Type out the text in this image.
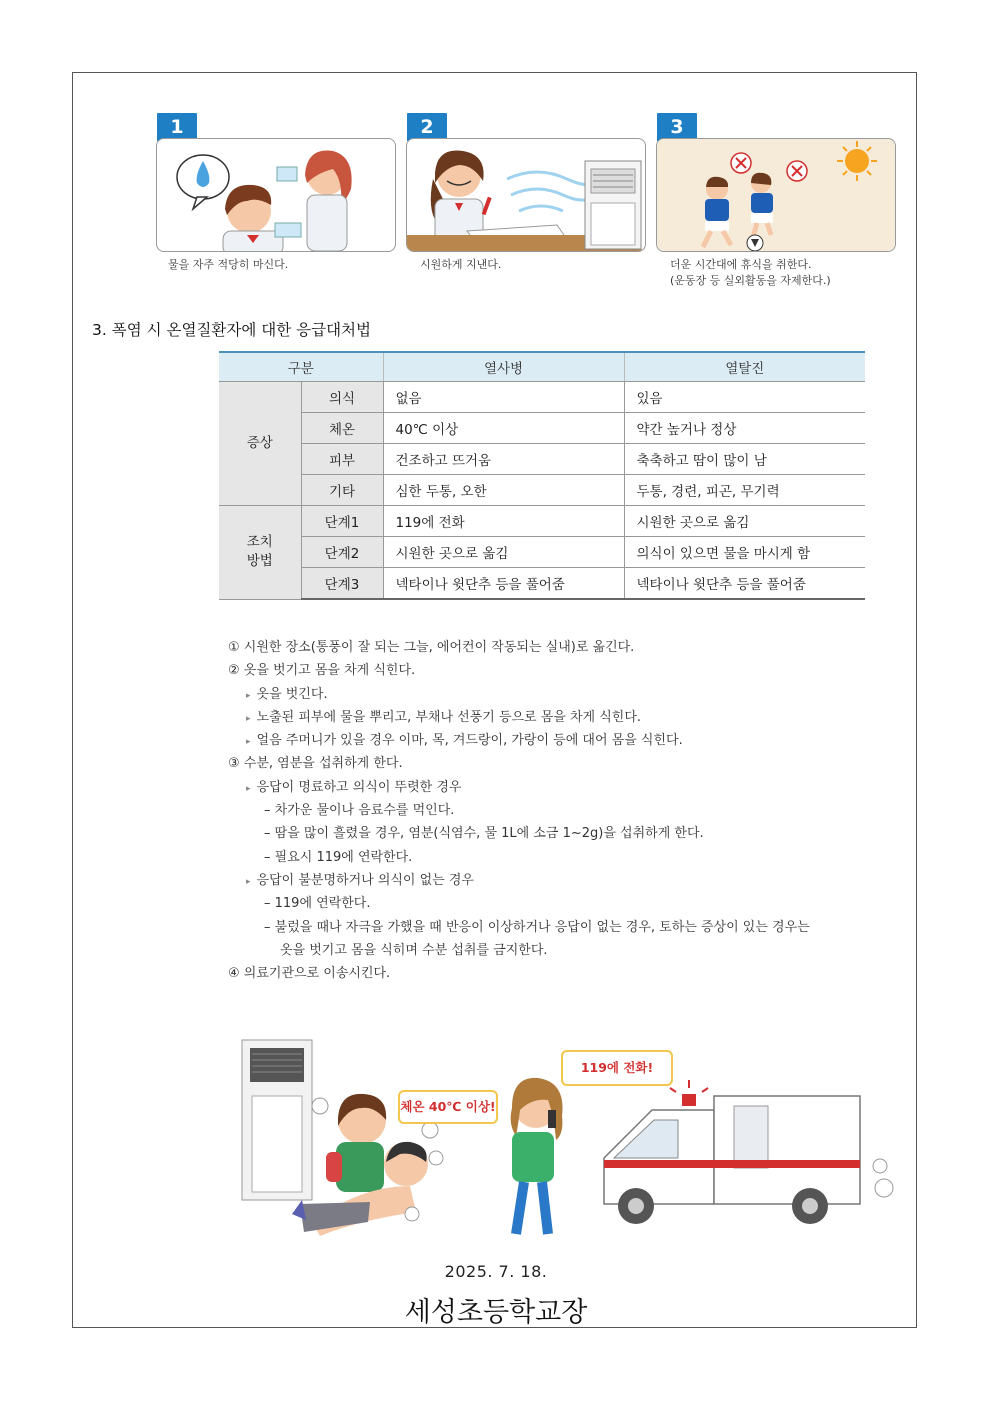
1
물을 자주 적당히 마신다.
2
시원하게 지낸다.
3
더운 시간대에 휴식을 취한다.
(운동장 등 실외활동을 자제한다.)
3. 폭염 시 온열질환자에 대한 응급대처법
구분		열사병	열탈진
증상	의식	없음	있음
	체온	40℃ 이상	약간 높거나 정상
	피부	건조하고 뜨거움	축축하고 땀이 많이 남
	기타	심한 두통, 오한	두통, 경련, 피곤, 무기력
조치
방법	단계1	119에 전화	시원한 곳으로 옮김
	단계2	시원한 곳으로 옮김	의식이 있으면 물을 마시게 함
	단계3	넥타이나 윗단추 등을 풀어줌	넥타이나 윗단추 등을 풀어줌
① 시원한 장소(통풍이 잘 되는 그늘, 에어컨이 작동되는 실내)로 옮긴다.
② 옷을 벗기고 몸을 차게 식힌다.
▸ 옷을 벗긴다.
▸ 노출된 피부에 물을 뿌리고, 부채나 선풍기 등으로 몸을 차게 식힌다.
▸ 얼음 주머니가 있을 경우 이마, 목, 겨드랑이, 가랑이 등에 대어 몸을 식힌다.
③ 수분, 염분을 섭취하게 한다.
▸ 응답이 명료하고 의식이 뚜렷한 경우
– 차가운 물이나 음료수를 먹인다.
– 땀을 많이 흘렸을 경우, 염분(식염수, 물 1L에 소금 1~2g)을 섭취하게 한다.
– 필요시 119에 연락한다.
▸ 응답이 불분명하거나 의식이 없는 경우
– 119에 연락한다.
– 불렀을 때나 자극을 가했을 때 반응이 이상하거나 응답이 없는 경우, 토하는 증상이 있는 경우는
옷을 벗기고 몸을 식히며 수분 섭취를 금지한다.
④ 의료기관으로 이송시킨다.
체온 40℃ 이상!
119에 전화!
2025. 7. 18.
세성초등학교장
